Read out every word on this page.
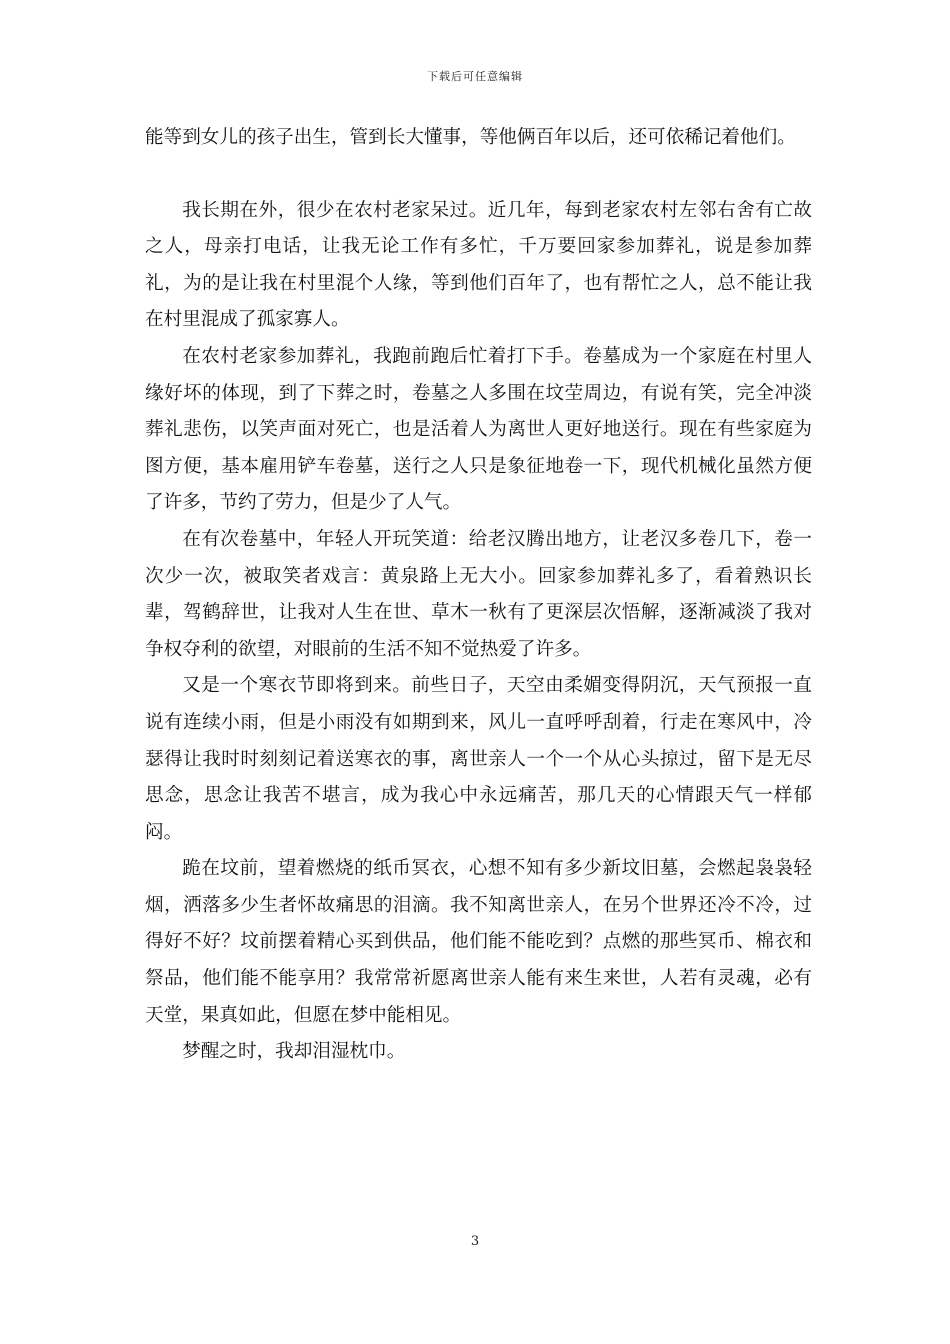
下载后可任意编辑

能等到女儿的孩子出生，管到长大懂事，等他俩百年以后，还可依稀记着他们。

我长期在外，很少在农村老家呆过。近几年，每到老家农村左邻右舍有亡故之人，母亲打电话，让我无论工作有多忙，千万要回家参加葬礼，说是参加葬礼，为的是让我在村里混个人缘，等到他们百年了，也有帮忙之人，总不能让我在村里混成了孤家寡人。

在农村老家参加葬礼，我跑前跑后忙着打下手。卷墓成为一个家庭在村里人缘好坏的体现，到了下葬之时，卷墓之人多围在坟茔周边，有说有笑，完全冲淡葬礼悲伤，以笑声面对死亡，也是活着人为离世人更好地送行。现在有些家庭为图方便，基本雇用铲车卷墓，送行之人只是象征地卷一下，现代机械化虽然方便了许多，节约了劳力，但是少了人气。

在有次卷墓中，年轻人开玩笑道：给老汉腾出地方，让老汉多卷几下，卷一次少一次，被取笑者戏言：黄泉路上无大小。回家参加葬礼多了，看着熟识长辈，驾鹤辞世，让我对人生在世、草木一秋有了更深层次悟解，逐渐减淡了我对争权夺利的欲望，对眼前的生活不知不觉热爱了许多。

又是一个寒衣节即将到来。前些日子，天空由柔媚变得阴沉，天气预报一直说有连续小雨，但是小雨没有如期到来，风儿一直呼呼刮着，行走在寒风中，冷瑟得让我时时刻刻记着送寒衣的事，离世亲人一个一个从心头掠过，留下是无尽思念，思念让我苦不堪言，成为我心中永远痛苦，那几天的心情跟天气一样郁闷。

跪在坟前，望着燃烧的纸币冥衣，心想不知有多少新坟旧墓，会燃起袅袅轻烟，洒落多少生者怀故痛思的泪滴。我不知离世亲人，在另个世界还冷不冷，过得好不好？坟前摆着精心买到供品，他们能不能吃到？点燃的那些冥币、棉衣和祭品，他们能不能享用？我常常祈愿离世亲人能有来生来世，人若有灵魂，必有天堂，果真如此，但愿在梦中能相见。

梦醒之时，我却泪湿枕巾。

3
